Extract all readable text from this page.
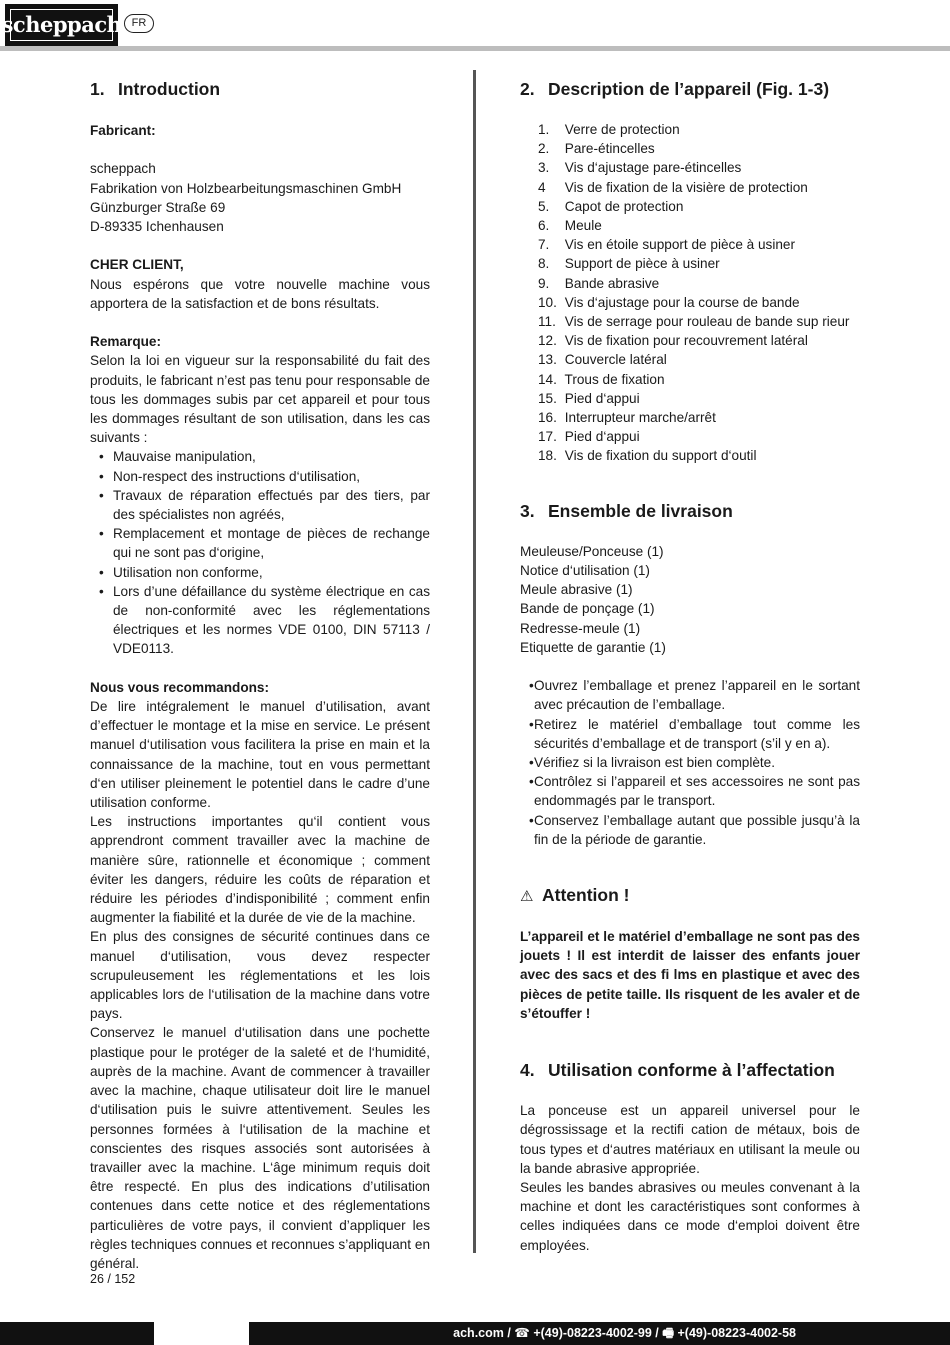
scheppach FR
1. Introduction
Fabricant:
scheppach
Fabrikation von Holzbearbeitungsmaschinen GmbH
Günzburger Straße 69
D-89335 Ichenhausen
CHER CLIENT,

Nous espérons que votre nouvelle machine vous apportera de la satisfaction et de bons résultats.

Remarque:

Selon la loi en vigueur sur la responsabilité du fait des produits, le fabricant n’est pas tenu pour responsable de tous les dommages subis par cet appareil et pour tous les dommages résultant de son utilisation, dans les cas suivants :

• Mauvaise manipulation,
• Non-respect des instructions d‘utilisation,
• Travaux de réparation effectués par des tiers, par des spécialistes non agréés,
• Remplacement et montage de pièces de rechange qui ne sont pas d‘origine,
• Utilisation non conforme,
• Lors d’une défaillance du système électrique en cas de non-conformité avec les réglementations électriques et les normes VDE 0100, DIN 57113 / VDE0113.
Nous vous recommandons:

De lire intégralement le manuel d’utilisation, avant d’effectuer le montage et la mise en service. Le présent manuel d‘utilisation vous facilitera la prise en main et la connaissance de la machine, tout en vous permettant d‘en utiliser pleinement le potentiel dans le cadre d’une utilisation conforme.

Les instructions importantes qu‘il contient vous apprendront comment travailler avec la machine de manière sûre, rationnelle et économique ; comment éviter les dangers, réduire les coûts de réparation et réduire les périodes d’indisponibilité ; comment enfin augmenter la fiabilité et la durée de vie de la machine.

En plus des consignes de sécurité continues dans ce manuel d‘utilisation, vous devez respecter scrupuleusement les réglementations et les lois applicables lors de l‘utilisation de la machine dans votre pays.

Conservez le manuel d‘utilisation dans une pochette plastique pour le protéger de la saleté et de l‘humidité, auprès de la machine. Avant de commencer à travailler avec la machine, chaque utilisateur doit lire le manuel d‘utilisation puis le suivre attentivement. Seules les personnes formées à l‘utilisation de la machine et conscientes des risques associés sont autorisées à travailler avec la machine. L‘âge minimum requis doit être respecté. En plus des indications d’utilisation contenues dans cette notice et des réglementations particulières de votre pays, il convient d’appliquer les règles techniques connues et reconnues s’appliquant en général.

2. Description de l’appareil (Fig. 1-3)
1. Verre de protection
2. Pare-étincelles
3. Vis d‘ajustage pare-étincelles
4 Vis de fixation de la visière de protection
5. Capot de protection
6. Meule
7. Vis en étoile support de pièce à usiner
8. Support de pièce à usiner
9. Bande abrasive
10. Vis d‘ajustage pour la course de bande
11. Vis de serrage pour rouleau de bande sup rieur
12. Vis de fixation pour recouvrement latéral
13. Couvercle latéral
14. Trous de fixation
15. Pied d‘appui
16. Interrupteur marche/arrêt
17. Pied d‘appui
18. Vis de fixation du support d‘outil
3. Ensemble de livraison
Meuleuse/Ponceuse (1)
Notice d‘utilisation (1)
Meule abrasive (1)
Bande de ponçage (1)
Redresse-meule (1)
Etiquette de garantie (1)
• Ouvrez l’emballage et prenez l’appareil en le sortant avec précaution de l’emballage.
• Retirez le matériel d’emballage tout comme les sécurités d’emballage et de transport (s’il y en a).
• Vérifiez si la livraison est bien complète.
• Contrôlez si l’appareil et ses accessoires ne sont pas endommagés par le transport.
• Conservez l’emballage autant que possible jusqu’à la fin de la période de garantie.
⚠ Attention !

L’appareil et le matériel d’emballage ne sont pas des jouets ! Il est interdit de laisser des enfants jouer avec des sacs et des fi lms en plastique et avec des pièces de petite taille. Ils risquent de les avaler et de s’étouffer !

4. Utilisation conforme à l’affectation

La ponceuse est un appareil universel pour le dégrossissage et la rectifi cation de métaux, bois de tous types et d‘autres matériaux en utilisant la meule ou la bande abrasive appropriée.

Seules les bandes abrasives ou meules convenant à la machine et dont les caractéristiques sont conformes à celles indiquées dans ce mode d‘emploi doivent être employées.

26 / 152
ach.com / ☎ +(49)-08223-4002-99 / 🖷 +(49)-08223-4002-58
